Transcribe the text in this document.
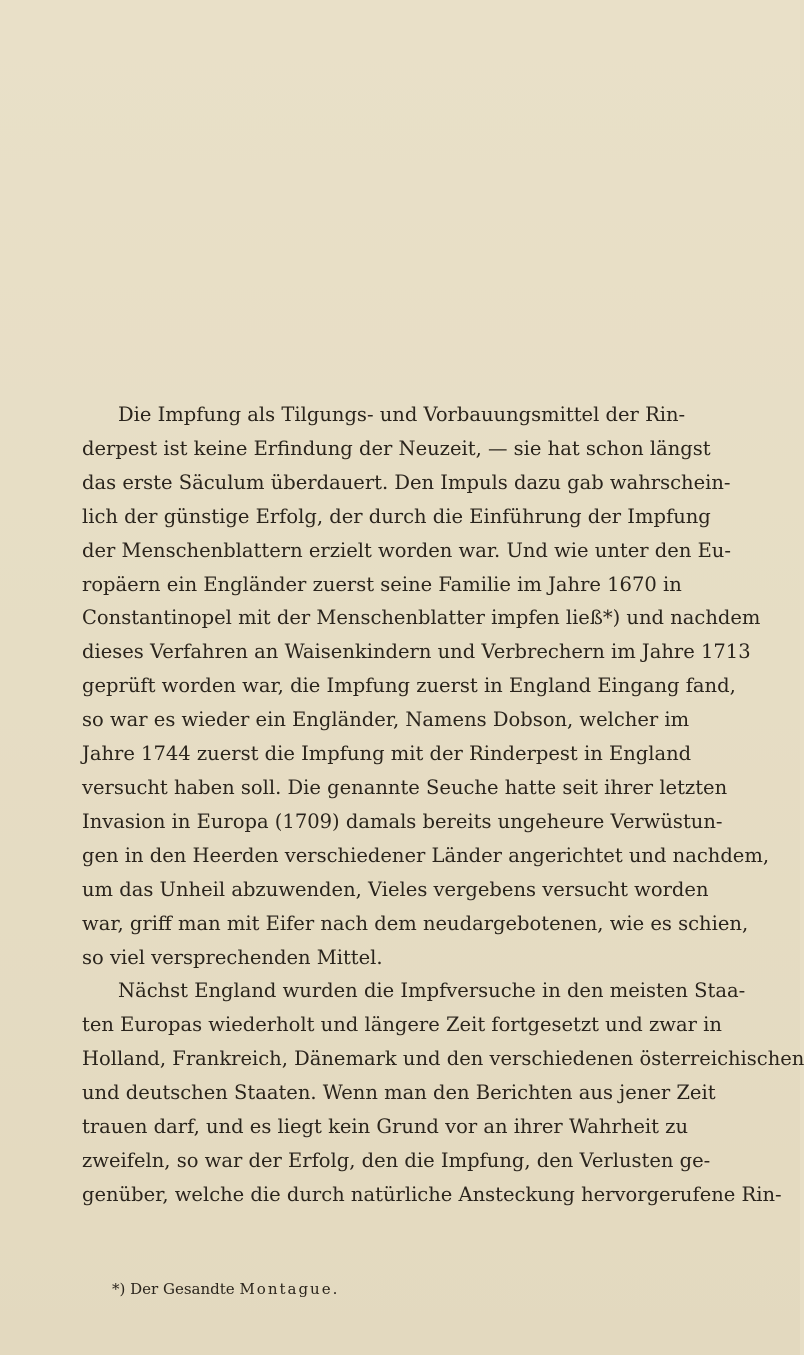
Die Impfung als Tilgungs- und Vorbauungsmittel der Rin-
derpest ist keine Erfindung der Neuzeit, — sie hat schon längst
das erste Säculum überdauert. Den Impuls dazu gab wahrschein-
lich der günstige Erfolg, der durch die Einführung der Impfung
der Menschenblattern erzielt worden war. Und wie unter den Eu-
ropäern ein Engländer zuerst seine Familie im Jahre 1670 in
Constantinopel mit der Menschenblatter impfen ließ*) und nachdem
dieses Verfahren an Waisenkindern und Verbrechern im Jahre 1713
geprüft worden war, die Impfung zuerst in England Eingang fand,
so war es wieder ein Engländer, Namens Dobson, welcher im
Jahre 1744 zuerst die Impfung mit der Rinderpest in England
versucht haben soll. Die genannte Seuche hatte seit ihrer letzten
Invasion in Europa (1709) damals bereits ungeheure Verwüstun-
gen in den Heerden verschiedener Länder angerichtet und nachdem,
um das Unheil abzuwenden, Vieles vergebens versucht worden
war, griff man mit Eifer nach dem neudargebotenen, wie es schien,
so viel versprechenden Mittel.
Nächst England wurden die Impfversuche in den meisten Staa-
ten Europas wiederholt und längere Zeit fortgesetzt und zwar in
Holland, Frankreich, Dänemark und den verschiedenen österreichischen
und deutschen Staaten. Wenn man den Berichten aus jener Zeit
trauen darf, und es liegt kein Grund vor an ihrer Wahrheit zu
zweifeln, so war der Erfolg, den die Impfung, den Verlusten ge-
genüber, welche die durch natürliche Ansteckung hervorgerufene Rin-
*) Der Gesandte Montague.
